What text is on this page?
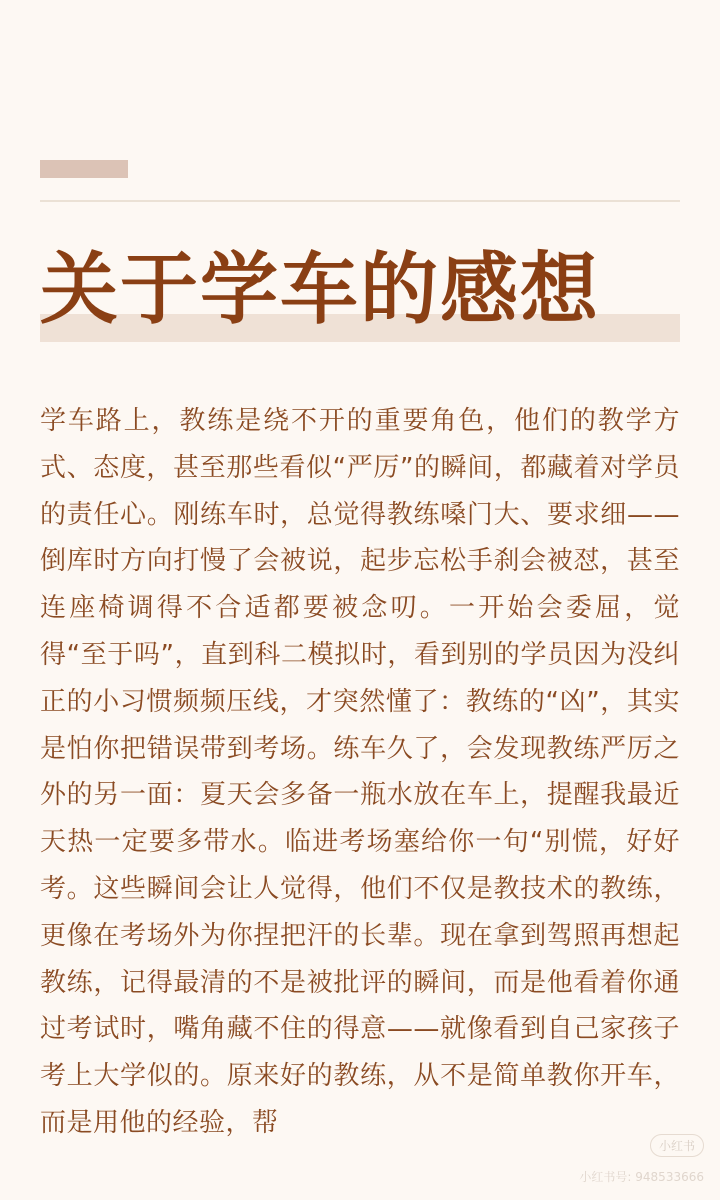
关于学车的感想

学车路上，教练是绕不开的重要角色，他们的教学方式、态度，甚至那些看似“严厉”的瞬间，都藏着对学员的责任心。刚练车时，总觉得教练嗓门大、要求细——倒库时方向打慢了会被说，起步忘松手刹会被怼，甚至连座椅调得不合适都要被念叨。一开始会委屈，觉得“至于吗”，直到科二模拟时，看到别的学员因为没纠正的小习惯频频压线，才突然懂了：教练的“凶”，其实是怕你把错误带到考场。练车久了，会发现教练严厉之外的另一面：夏天会多备一瓶水放在车上，提醒我最近天热一定要多带水。临进考场塞给你一句“别慌，好好考。这些瞬间会让人觉得，他们不仅是教技术的教练，更像在考场外为你捏把汗的长辈。现在拿到驾照再想起教练，记得最清的不是被批评的瞬间，而是他看着你通过考试时，嘴角藏不住的得意——就像看到自己家孩子考上大学似的。原来好的教练，从不是简单教你开车，而是用他的经验，帮

小红书
小红书号: 948533666
